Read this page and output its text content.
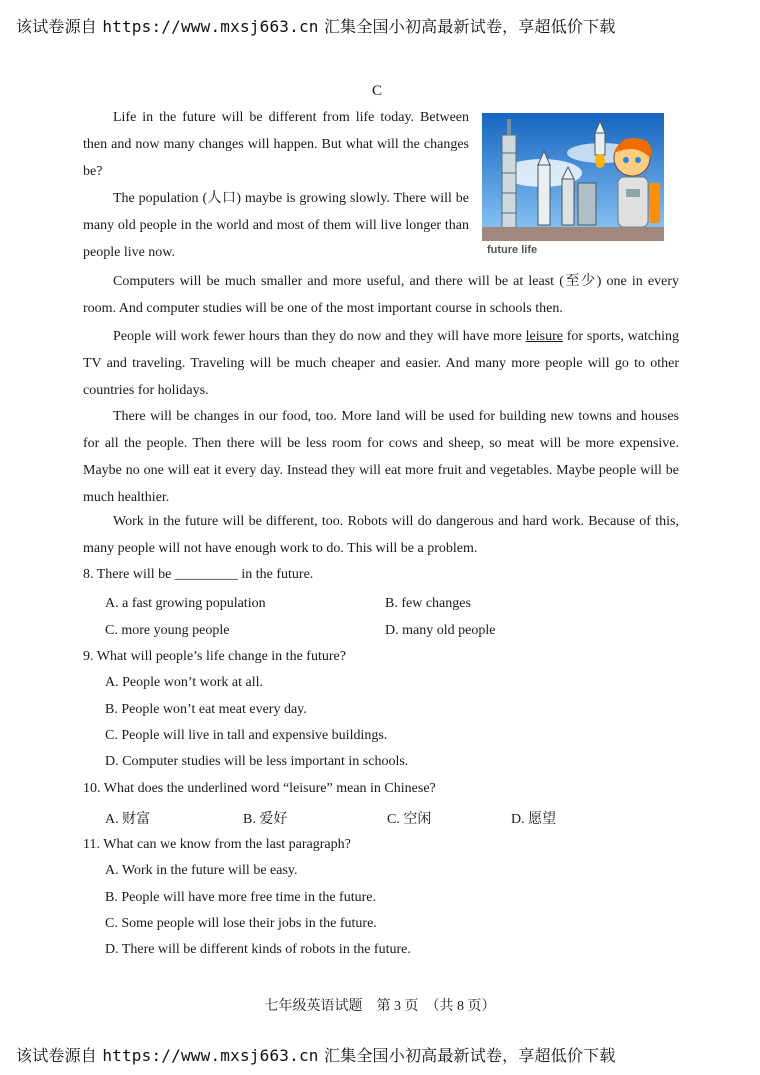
该试卷源自 https://www.mxsj663.cn 汇集全国小初高最新试卷，享超低价下载
C
Life in the future will be different from life today. Between then and now many changes will happen. But what will the changes be?
The population (人口) maybe is growing slowly. There will be many old people in the world and most of them will live longer than people live now.	future life
Computers will be much smaller and more useful, and there will be at least (至少) one in every room. And computer studies will be one of the most important course in schools then.
People will work fewer hours than they do now and they will have more leisure for sports, watching TV and traveling. Traveling will be much cheaper and easier. And many more people will go to other countries for holidays.
There will be changes in our food, too. More land will be used for building new towns and houses for all the people. Then there will be less room for cows and sheep, so meat will be more expensive. Maybe no one will eat it every day. Instead they will eat more fruit and vegetables. Maybe people will be much healthier.
Work in the future will be different, too. Robots will do dangerous and hard work. Because of this, many people will not have enough work to do. This will be a problem.
8. There will be _________ in the future.
A. a fast growing population	B. few changes
C. more young people	D. many old people
9. What will people’s life change in the future?
A. People won’t work at all.
B. People won’t eat meat every day.
C. People will live in tall and expensive buildings.
D. Computer studies will be less important in schools.
10. What does the underlined word “leisure” mean in Chinese?
A. 财富	B. 爱好	C. 空闲	D. 愿望
11. What can we know from the last paragraph?
A. Work in the future will be easy.
B. People will have more free time in the future.
C. Some people will lose their jobs in the future.
D. There will be different kinds of robots in the future.
七年级英语试题　第 3 页　（共 8 页）
该试卷源自 https://www.mxsj663.cn 汇集全国小初高最新试卷，享超低价下载
